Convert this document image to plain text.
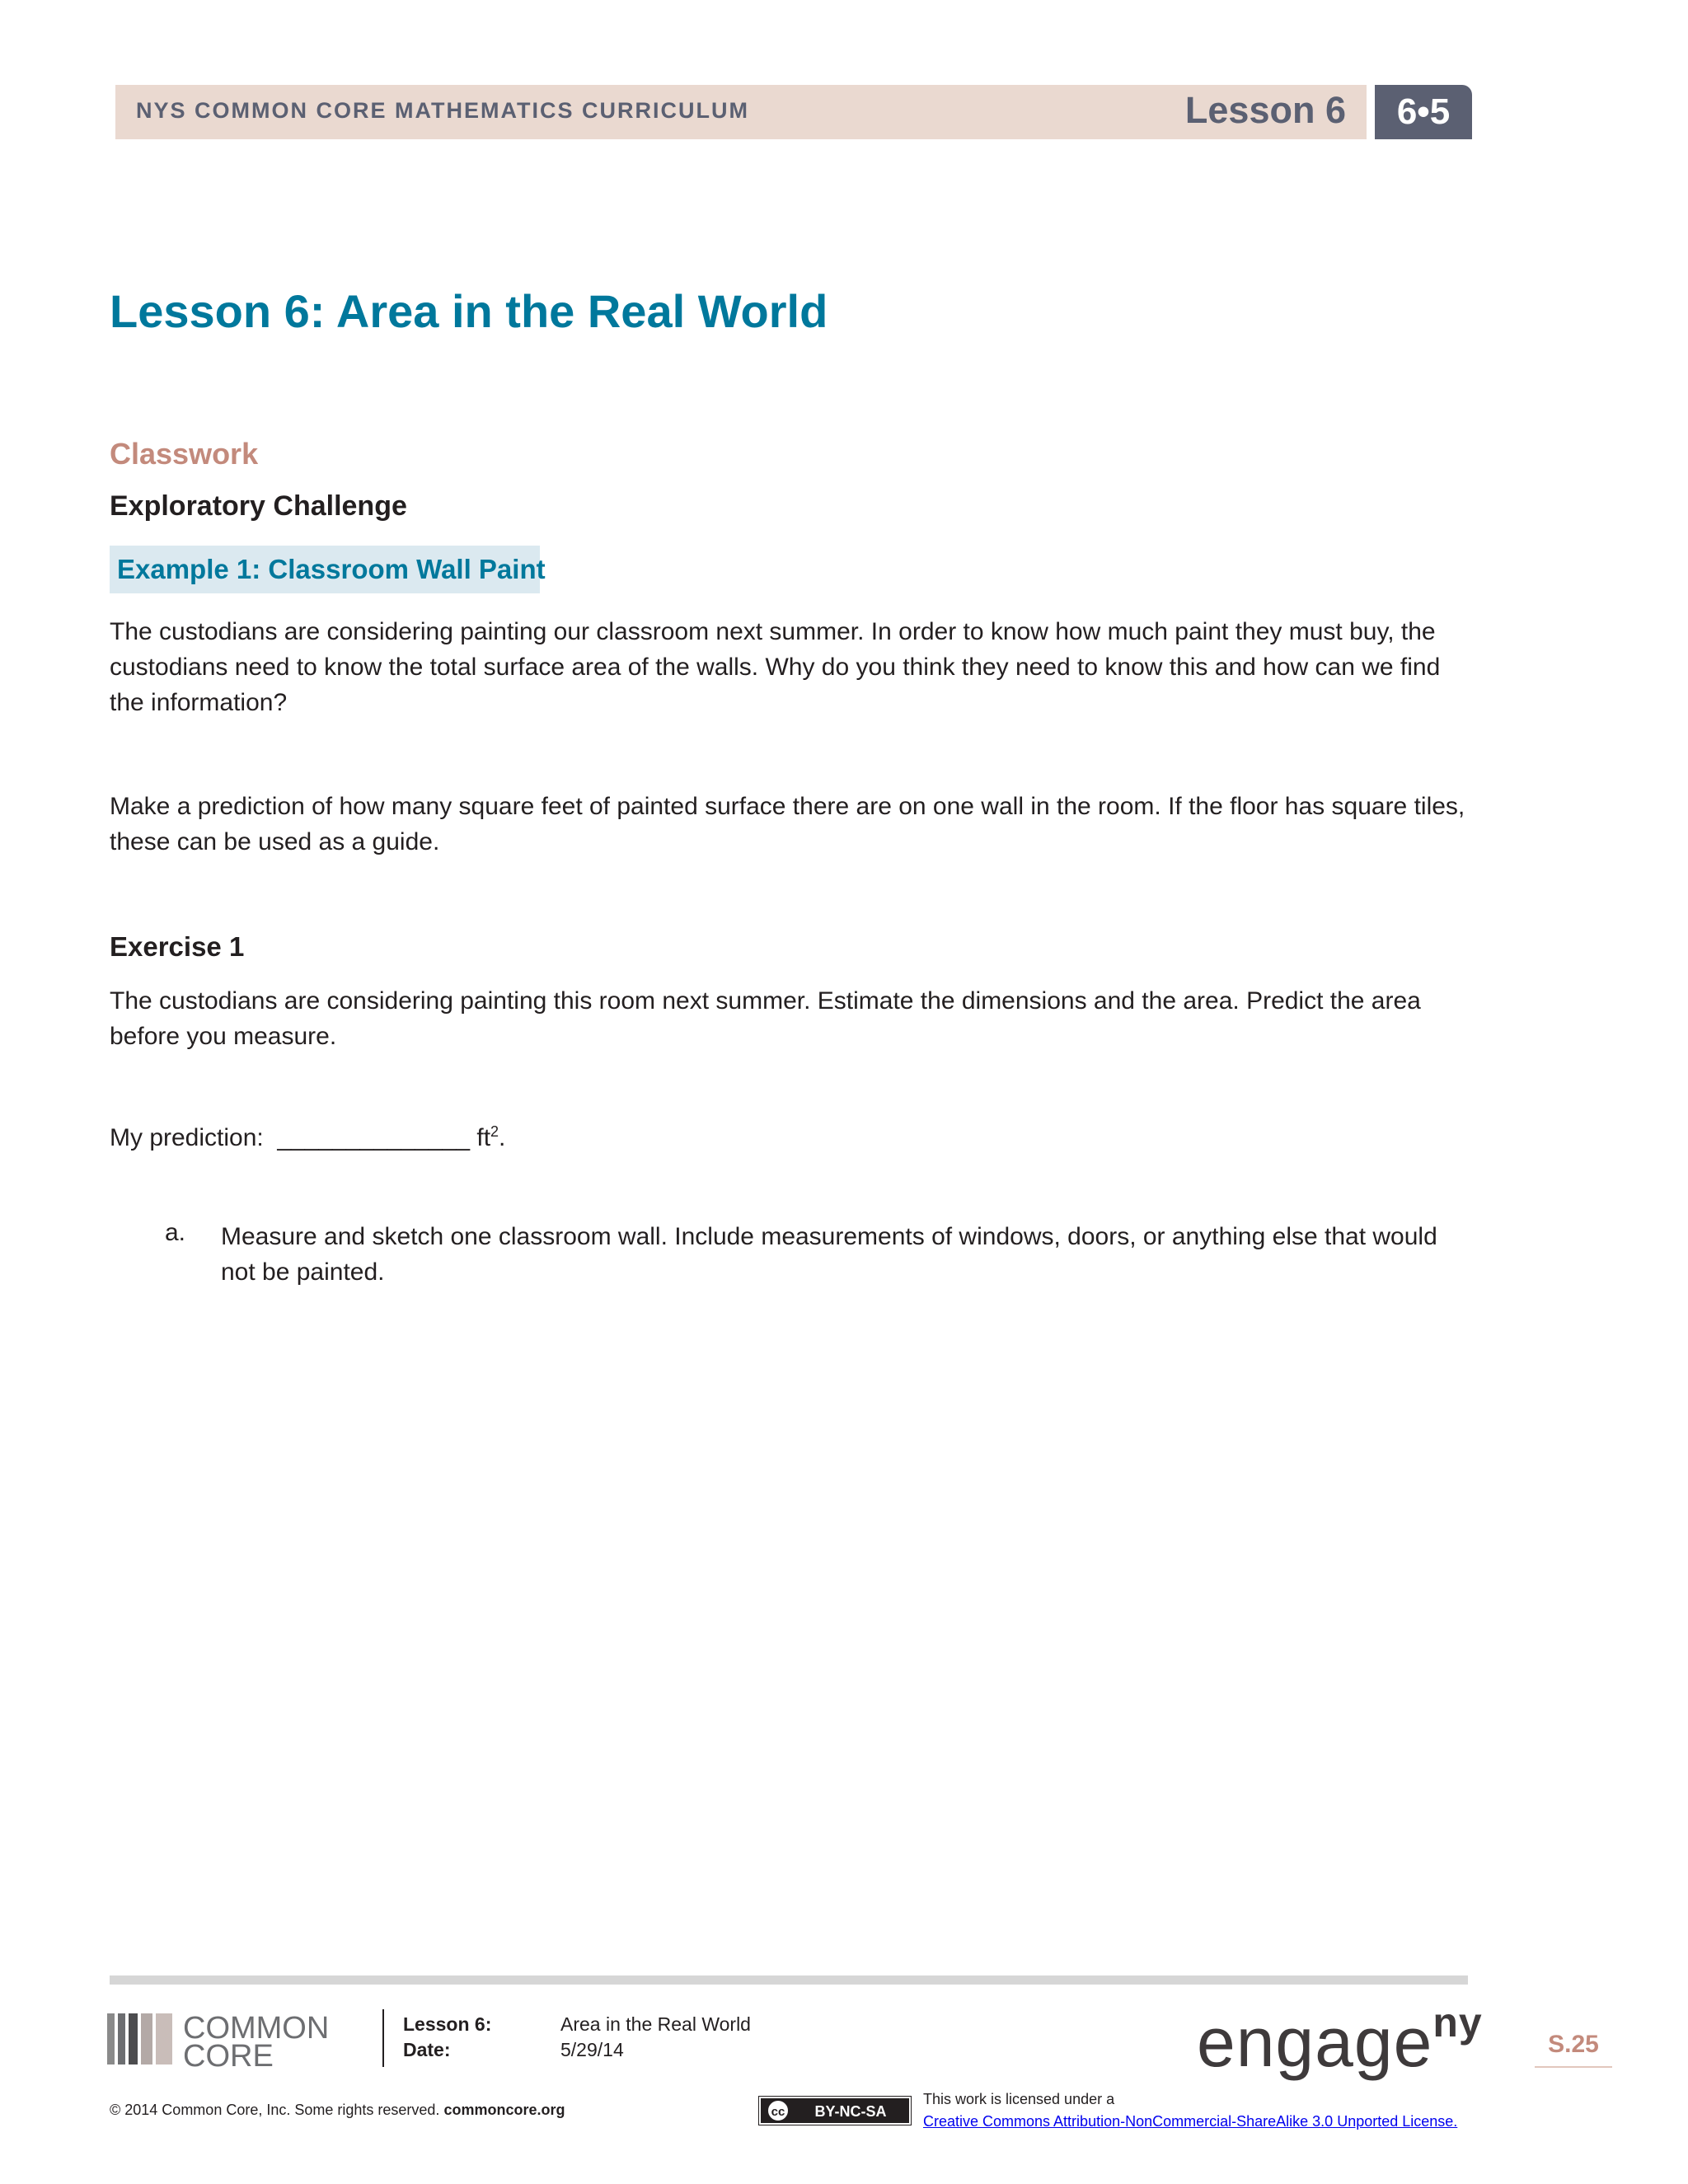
NYS COMMON CORE MATHEMATICS CURRICULUM	Lesson 6	6•5
Lesson 6: Area in the Real World
Classwork
Exploratory Challenge
Example 1: Classroom Wall Paint

The custodians are considering painting our classroom next summer. In order to know how much paint they must buy, the custodians need to know the total surface area of the walls. Why do you think they need to know this and how can we find the information?

Make a prediction of how many square feet of painted surface there are on one wall in the room. If the floor has square tiles, these can be used as a guide.

Exercise 1

The custodians are considering painting this room next summer. Estimate the dimensions and the area. Predict the area before you measure.

My prediction: ______________ $ft^2$.
a. Measure and sketch one classroom wall. Include measurements of windows, doors, or anything else that would not be painted.

COMMON
CORE
Lesson 6:	Area in the Real World
Date:	5/29/14	engage$^{ny}$	S.25
© 2014 Common Core, Inc. Some rights reserved. commoncore.org	cc BY-NC-SA
This work is licensed under a
Creative Commons Attribution-NonCommercial-ShareAlike 3.0 Unported License.
